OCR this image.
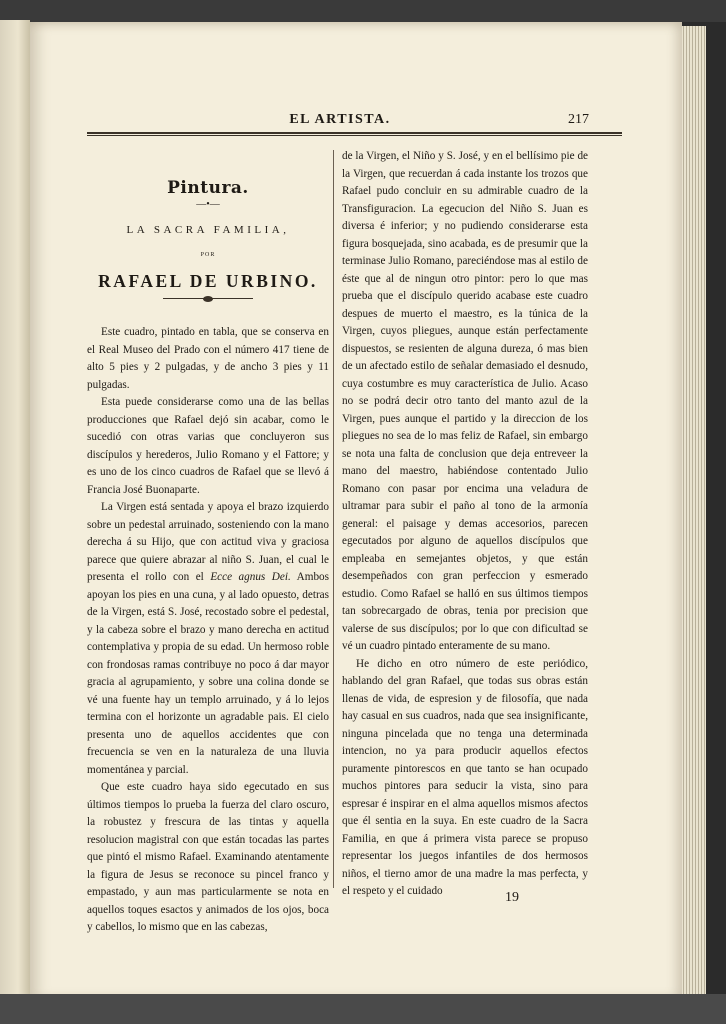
EL ARTISTA.	217
Pintura.
—•—
LA SACRA FAMILIA,
POR
RAFAEL DE URBINO.

Este cuadro, pintado en tabla, que se conserva en el Real Museo del Prado con el número 417 tiene de alto 5 pies y 2 pulgadas, y de ancho 3 pies y 11 pulgadas.

Esta puede considerarse como una de las bellas producciones que Rafael dejó sin acabar, como le sucedió con otras varias que concluyeron sus discípulos y herederos, Julio Romano y el Fattore; y es uno de los cinco cuadros de Rafael que se llevó á Francia José Buonaparte.

La Virgen está sentada y apoya el brazo izquierdo sobre un pedestal arruinado, sosteniendo con la mano derecha á su Hijo, que con actitud viva y graciosa parece que quiere abrazar al niño S. Juan, el cual le presenta el rollo con el Ecce agnus Dei. Ambos apoyan los pies en una cuna, y al lado opuesto, detras de la Virgen, está S. José, recostado sobre el pedestal, y la cabeza sobre el brazo y mano derecha en actitud contemplativa y propia de su edad. Un hermoso roble con frondosas ramas contribuye no poco á dar mayor gracia al agrupamiento, y sobre una colina donde se vé una fuente hay un templo arruinado, y á lo lejos termina con el horizonte un agradable pais. El cielo presenta uno de aquellos accidentes que con frecuencia se ven en la naturaleza de una lluvia momentánea y parcial.

Que este cuadro haya sido egecutado en sus últimos tiempos lo prueba la fuerza del claro oscuro, la robustez y frescura de las tintas y aquella resolucion magistral con que están tocadas las partes que pintó el mismo Rafael. Examinando atentamente la figura de Jesus se reconoce su pincel franco y empastado, y aun mas particularmente se nota en aquellos toques esactos y animados de los ojos, boca y cabellos, lo mismo que en las cabezas,

de la Virgen, el Niño y S. José, y en el bellísimo pie de la Virgen, que recuerdan á cada instante los trozos que Rafael pudo concluir en su admirable cuadro de la Transfiguracion. La egecucion del Niño S. Juan es diversa é inferior; y no pudiendo considerarse esta figura bosquejada, sino acabada, es de presumir que la terminase Julio Romano, pareciéndose mas al estilo de éste que al de ningun otro pintor: pero lo que mas prueba que el discípulo querido acabase este cuadro despues de muerto el maestro, es la túnica de la Virgen, cuyos pliegues, aunque están perfectamente dispuestos, se resienten de alguna dureza, ó mas bien de un afectado estilo de señalar demasiado el desnudo, cuya costumbre es muy característica de Julio. Acaso no se podrá decir otro tanto del manto azul de la Virgen, pues aunque el partido y la direccion de los pliegues no sea de lo mas feliz de Rafael, sin embargo se nota una falta de conclusion que deja entreveer la mano del maestro, habiéndose contentado Julio Romano con pasar por encima una veladura de ultramar para subir el paño al tono de la armonía general: el paisage y demas accesorios, parecen egecutados por alguno de aquellos discípulos que empleaba en semejantes objetos, y que están desempeñados con gran perfeccion y esmerado estudio. Como Rafael se halló en sus últimos tiempos tan sobrecargado de obras, tenia por precision que valerse de sus discípulos; por lo que con dificultad se vé un cuadro pintado enteramente de su mano.

He dicho en otro número de este periódico, hablando del gran Rafael, que todas sus obras están llenas de vida, de espresion y de filosofía, que nada hay casual en sus cuadros, nada que sea insignificante, ninguna pincelada que no tenga una determinada intencion, no ya para producir aquellos efectos puramente pintorescos en que tanto se han ocupado muchos pintores para seducir la vista, sino para espresar é inspirar en el alma aquellos mismos afectos que él sentia en la suya. En este cuadro de la Sacra Familia, en que á primera vista parece se propuso representar los juegos infantiles de dos hermosos niños, el tierno amor de una madre la mas perfecta, y el respeto y el cuidado	19
